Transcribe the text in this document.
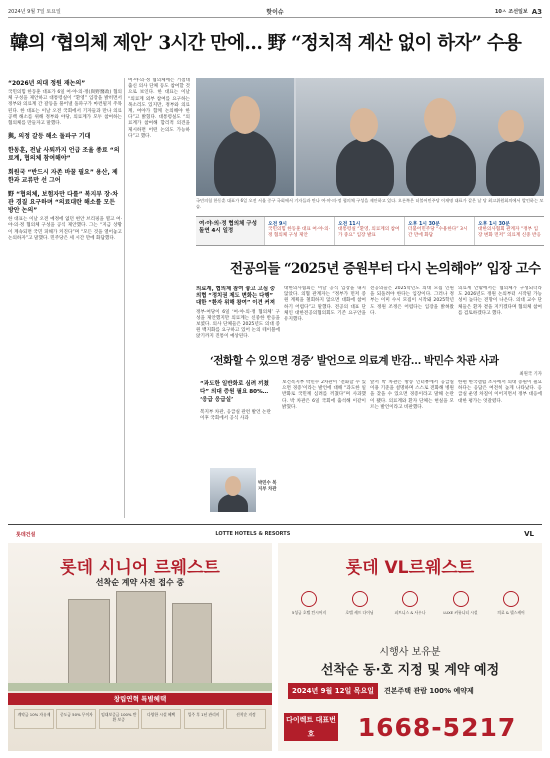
2024년 9월 7일 토요일	핫이슈	10ㅅ 조선일보 A3
韓의 ‘협의체 제안’ 3시간 만에… 野 “정치적 계산 없이 하자” 수용
“2026년 의대 정원 재논의”

국민의힘 한동훈 대표가 6일 여·야·의·정(與野醫政) 협의체 구성을 제안하고 대통령실이 “환영” 입장을 밝히면서 정부와 의료계 간 갈등을 풀어낼 돌파구가 마련될지 주목된다. 한 대표는 이날 오전 국회에서 기자들과 만나 의료 공백 해소를 위해 정부와 야당, 의료계가 모두 참여하는 협의체를 만들자고 말했다.

與, 의정 갈등 해소 돌파구 기대
한동훈, 전날 사퇴까지 언급 조율 종료 “의료계, 협의체 참여해야”
회원국 “반드시 자존 바꿀 필요” 용산, 제한과 교류만 선 그어
野 “협의체, 보험자만 다를” 복지부 장·차관 경질 요구하며 “의료대란 해소를 모든 방안 논의”

한 대표는 이날 오전 예정에 없던 현안 브리핑을 열고 여·야·의·정 협의체 구성을 공식 제안했다. 그는 “지금 상황이 계속되면 국민 피해가 커진다”며 “모든 것을 열어놓고 논의하자”고 말했다. 민주당은 세 시간 만에 화답했다.

여·야·의·정 협의체에는 거점대 출신 의사 단체 등도 참여할 것으로 보인다. 한 대표는 이날 “의료계 외부 참여를 요구하는 목소리도 있지만, 정부와 의료계, 여야가 함께 논의해야 한다”고 밝혔다. 대통령실도 “의료계가 참여해 합리적 의견을 제시하면 어떤 논의도 가능하다”고 했다.
국민의힘 한동훈 대표가 6일 오전 서울 중구 국회에서 기자들과 만나 여·야·의·정 협의체 구성을 제안하고 있다. 오른쪽은 더불어민주당 이재명 대표가 같은 날 당 최고위원회의에서 발언하는 모습.
여·야·의·정 협의체 구성 돌연 4시 일정
오전 9시
국민의힘 한동훈 대표 여·야·의·정 협의체 구성 제안
오전 11시
대통령실 “환영, 의료계의 참여가 중요” 입장 발표
오후 1시 30분
더불어민주당 “수용한다” 3시간 만에 화답
오후 1시 30분
대한의사협회 관계자 “정부 입장 변화 먼저” 의료계 신중 반응
전공의들 “2025년 증원부터 다시 논의해야” 입장 고수
의료계, 협의체 참여 놓고 고심 중 의협 “정치권 제도 변화는 다행” 대한 “환자 위해 참여” 이견 커져

정부·여당이 6일 ‘여·야·의·정 협의체’ 구성을 제안했지만 의료계는 신중한 반응을 보였다. 의사 단체들은 2025년도 의대 증원 백지화를 요구하고 있어 논의 테이블에 앉기까지 진통이 예상된다.

대한의사협회는 이날 공식 입장을 내지 않았다. 의협 관계자는 “정부가 먼저 증원 계획을 철회하지 않으면 대화에 참여하기 어렵다”고 말했다. 전공의 대표 단체인 대한전공의협의회도 기존 요구안을 유지했다.
전공의들은 2025학년도 의대 모집 인원을 되돌려야 한다는 입장이다. 그러나 정부는 이미 수시 모집이 시작돼 2025학년도 정원 조정은 어렵다는 입장을 밝혀왔다.
의료계 안팎에서는 협의체가 구성되더라도 2026년도 정원 논의부터 시작될 가능성이 높다는 전망이 나온다. 의대 교수 단체들은 환자 곁을 지키겠다며 협의체 참여를 검토하겠다고 했다.
‘전화할 수 있으면 경증’ 발언으로 의료계 반감… 박민수 차관 사과
최원국 기자
“과도한 일반화로 심려 끼쳤다” 의대 증원 필요 80%… ‘응급 응급실’
복지부 차관, 응급실 관련 발언 논란 이후 국회에서 공식 사과
박민수 복지부 차관
보건복지부 박민수 2차관이 ‘전화할 수 있으면 경증’이라는 발언에 대해 “과도한 일반화로 국민께 심려를 끼쳤다”며 사과했다. 박 차관은 6일 국회에 출석해 이같이 밝혔다.
앞서 박 차관은 방송 인터뷰에서 응급실 이용 기준을 설명하며 스스로 전화해 병원을 찾을 수 있으면 경증이라고 말해 논란이 됐다. 의료계와 환자 단체는 현실을 모르는 발언이라고 비판했다.
한편 한국갤럽 조사에서 의대 증원이 필요하다는 응답은 여전히 높게 나타났다. 응급실 운영 차질이 이어지면서 정부 대응에 대한 평가는 엇갈렸다.
롯데건설	LOTTE HOTELS & RESORTS	VL
롯데 시니어 르웨스트
선착순 계약 사전 접수 중
창립연혁 특별혜택
계약금 10% 자유제	중도금 50% 무이자	임대보증금 100% 반환 보증
다양한 시설 혜택	입주 후 1년 관리비	선착순 지정
롯데 VL르웨스트
5성급 호텔 컨시어지	호텔 셰프 다이닝	피트니스 & 사우나	LUXE 커뮤니티 시설	의료 & 헬스케어
시행사 보유분
선착순 동·호 지정 및 계약 예정
2024년 9월 12일 목요일	견본주택 관람 100% 예약제
다이렉트 대표번호	1668-5217
